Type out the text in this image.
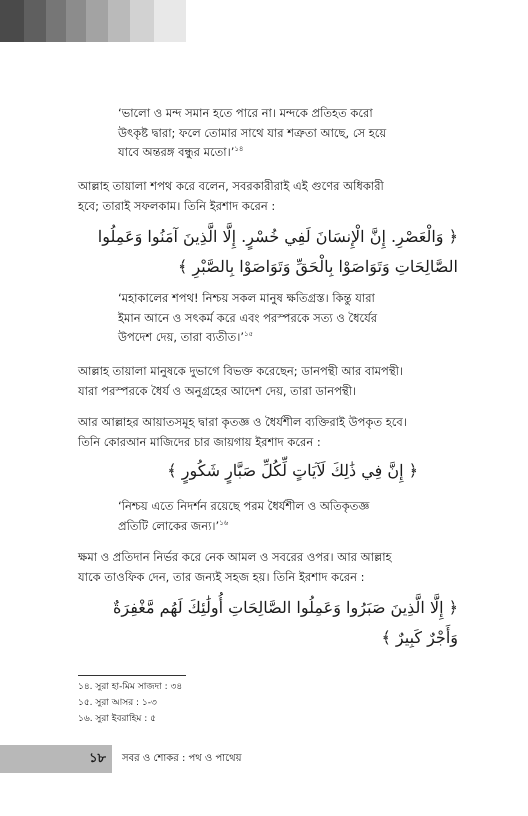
‘ভালো ও মন্দ সমান হতে পারে না। মন্দকে প্রতিহত করো
উৎকৃষ্ট দ্বারা; ফলে তোমার সাথে যার শত্রুতা আছে, সে হয়ে
যাবে অন্তরঙ্গ বন্ধুর মতো।’$^{১৪}$
আল্লাহ তায়ালা শপথ করে বলেন, সবরকারীরাই এই গুণের অধিকারী
হবে; তারাই সফলকাম। তিনি ইরশাদ করেন :
﴿ وَالْعَصْرِ. إِنَّ الْإِنسَانَ لَفِي خُسْرٍ. إِلَّا الَّذِينَ آمَنُوا وَعَمِلُوا
الصَّالِحَاتِ وَتَوَاصَوْا بِالْحَقِّ وَتَوَاصَوْا بِالصَّبْرِ ﴾
‘মহাকালের শপথ! নিশ্চয় সকল মানুষ ক্ষতিগ্রস্ত। কিন্তু যারা
ইমান আনে ও সৎকর্ম করে এবং পরস্পরকে সত্য ও ধৈর্যের
উপদেশ দেয়, তারা ব্যতীত।’$^{১৫}$
আল্লাহ তায়ালা মানুষকে দুভাগে বিভক্ত করেছেন; ডানপন্থী আর বামপন্থী।
যারা পরস্পরকে ধৈর্য ও অনুগ্রহের আদেশ দেয়, তারা ডানপন্থী।
আর আল্লাহর আয়াতসমূহ দ্বারা কৃতজ্ঞ ও ধৈর্যশীল ব্যক্তিরাই উপকৃত হবে।
তিনি কোরআন মাজিদের চার জায়গায় ইরশাদ করেন :
﴿ إِنَّ فِي ذَٰلِكَ لَآيَاتٍ لِّكُلِّ صَبَّارٍ شَكُورٍ ﴾
‘নিশ্চয় এতে নিদর্শন রয়েছে পরম ধৈর্যশীল ও অতিকৃতজ্ঞ
প্রতিটি লোকের জন্য।’$^{১৬}$
ক্ষমা ও প্রতিদান নির্ভর করে নেক আমল ও সবরের ওপর। আর আল্লাহ
যাকে তাওফিক দেন, তার জন্যই সহজ হয়। তিনি ইরশাদ করেন :
﴿ إِلَّا الَّذِينَ صَبَرُوا وَعَمِلُوا الصَّالِحَاتِ أُولَٰئِكَ لَهُم مَّغْفِرَةٌ
وَأَجْرٌ كَبِيرٌ ﴾
১৪. সুরা হা-মিম সাজদা : ৩৪
১৫. সুরা আসর : ১-৩
১৬. সুরা ইবরাহিম : ৫
১৮	সবর ও শোকর : পথ ও পাথেয়
